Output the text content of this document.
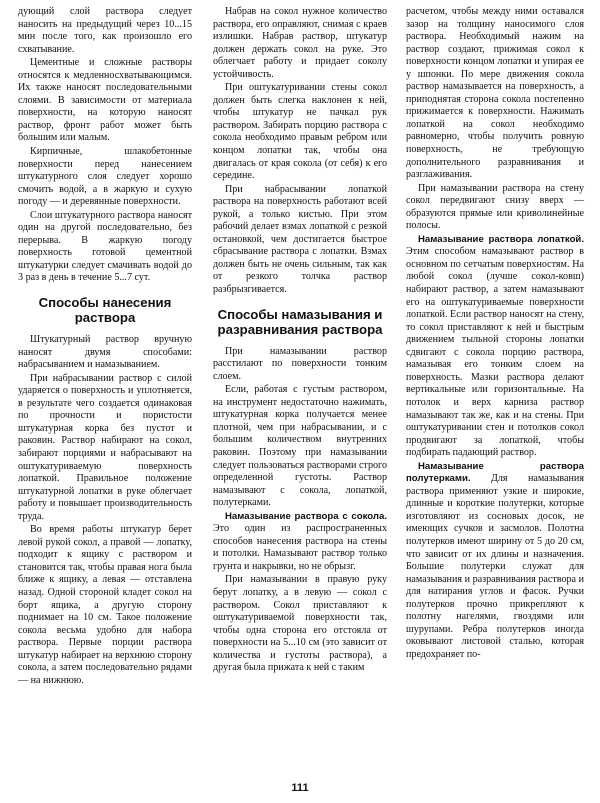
дующий слой раствора следует наносить на предыдущий через 10...15 мин после того, как произошло его схватывание.

Цементные и сложные растворы относятся к медленносхватывающимся. Их также наносят последовательными слоями. В зависимости от материала поверхности, на которую наносят раствор, фронт работ может быть большим или малым.

Кирпичные, шлакобетонные поверхности перед нанесением штукатурного слоя следует хорошо смочить водой, а в жаркую и сухую погоду — и деревянные поверхности.

Слои штукатурного раствора наносят один на другой последовательно, без перерыва. В жаркую погоду поверхность готовой цементной штукатурки следует смачивать водой до 3 раз в день в течение 5...7 сут.

Способы нанесения раствора

Штукатурный раствор вручную наносят двумя способами: набрасыванием и намазыванием.

При набрасывании раствор с силой ударяется о поверхность и уплотняется, в результате чего создается одинаковая по прочности и пористости штукатурная корка без пустот и раковин. Раствор набирают на сокол, забирают порциями и набрасывают на оштукатуриваемую поверхность лопаткой. Правильное положение штукатурной лопатки в руке облегчает работу и повышает производительность труда.

Во время работы штукатур берет левой рукой сокол, а правой — лопатку, подходит к ящику с раствором и становится так, чтобы правая нога была ближе к ящику, а левая — отставлена назад. Одной стороной кладет сокол на борт ящика, а другую сторону поднимает на 10 см. Такое положение сокола весьма удобно для набора раствора. Первые порции раствора штукатур набирает на верхнюю сторону сокола, а затем последовательно рядами — на нижнюю.

Набрав на сокол нужное количество раствора, его оправляют, снимая с краев излишки. Набрав раствор, штукатур должен держать сокол на руке. Это облегчает работу и придает соколу устойчивость.

При оштукатуривании стены сокол должен быть слегка наклонен к ней, чтобы штукатур не пачкал рук раствором. Забирать порцию раствора с сокола необходимо правым ребром или концом лопатки так, чтобы она двигалась от края сокола (от себя) к его середине.

При набрасывании лопаткой раствора на поверхность работают всей рукой, а только кистью. При этом рабочий делает взмах лопаткой с резкой остановкой, чем достигается быстрое сбрасывание раствора с лопатки. Взмах должен быть не очень сильным, так как от резкого толчка раствор разбрызгивается.

Способы намазывания и разравнивания раствора

При намазывании раствор расстилают по поверхности тонким слоем.

Если, работая с густым раствором, на инструмент недостаточно нажимать, штукатурная корка получается менее плотной, чем при набрасывании, и с большим количеством внутренних раковин. Поэтому при намазывании следует пользоваться растворами строго определенной густоты. Раствор намазывают с сокола, лопаткой, полутерками.

Намазывание раствора с сокола. Это один из распространенных способов нанесения раствора на стены и потолки. Намазывают раствор только грунта и накрывки, но не обрызг.

При намазывании в правую руку берут лопатку, а в левую — сокол с раствором. Сокол приставляют к оштукатуриваемой поверхности так, чтобы одна сторона его отстояла от поверхности на 5...10 см (это зависит от количества и густоты раствора), а другая была прижата к ней с таким

расчетом, чтобы между ними оставался зазор на толщину наносимого слоя раствора. Необходимый нажим на раствор создают, прижимая сокол к поверхности концом лопатки и упирая ее у шпонки. По мере движения сокола раствор намазывается на поверхность, а приподнятая сторона сокола постепенно прижимается к поверхности. Нажимать лопаткой на сокол необходимо равномерно, чтобы получить ровную поверхность, не требующую дополнительного разравнивания и разглаживания.

При намазывании раствора на стену сокол передвигают снизу вверх — образуются прямые или криволинейные полосы.

Намазывание раствора лопаткой. Этим способом намазывают раствор в основном по сетчатым поверхностям. На любой сокол (лучше сокол-ковш) набирают раствор, а затем намазывают его на оштукатуриваемые поверхности лопаткой. Если раствор наносят на стену, то сокол приставляют к ней и быстрым движением тыльной стороны лопатки сдвигают с сокола порцию раствора, намазывая его тонким слоем на поверхность. Мазки раствора делают вертикальные или горизонтальные. На потолок и верх карниза раствор намазывают так же, как и на стены. При оштукатуривании стен и потолков сокол продвигают за лопаткой, чтобы подбирать падающий раствор.

Намазывание раствора полутерками. Для намазывания раствора применяют узкие и широкие, длинные и короткие полутерки, которые изготовляют из сосновых досок, не имеющих сучков и засмолов. Полотна полутерков имеют ширину от 5 до 20 см, что зависит от их длины и назначения. Большие полутерки служат для намазывания и разравнивания раствора и для натирания углов и фасок. Ручки полутерков прочно прикрепляют к полотну нагелями, гвоздями или шурупами. Ребра полутерков иногда оковывают листовой сталью, которая предохраняет по-

111
